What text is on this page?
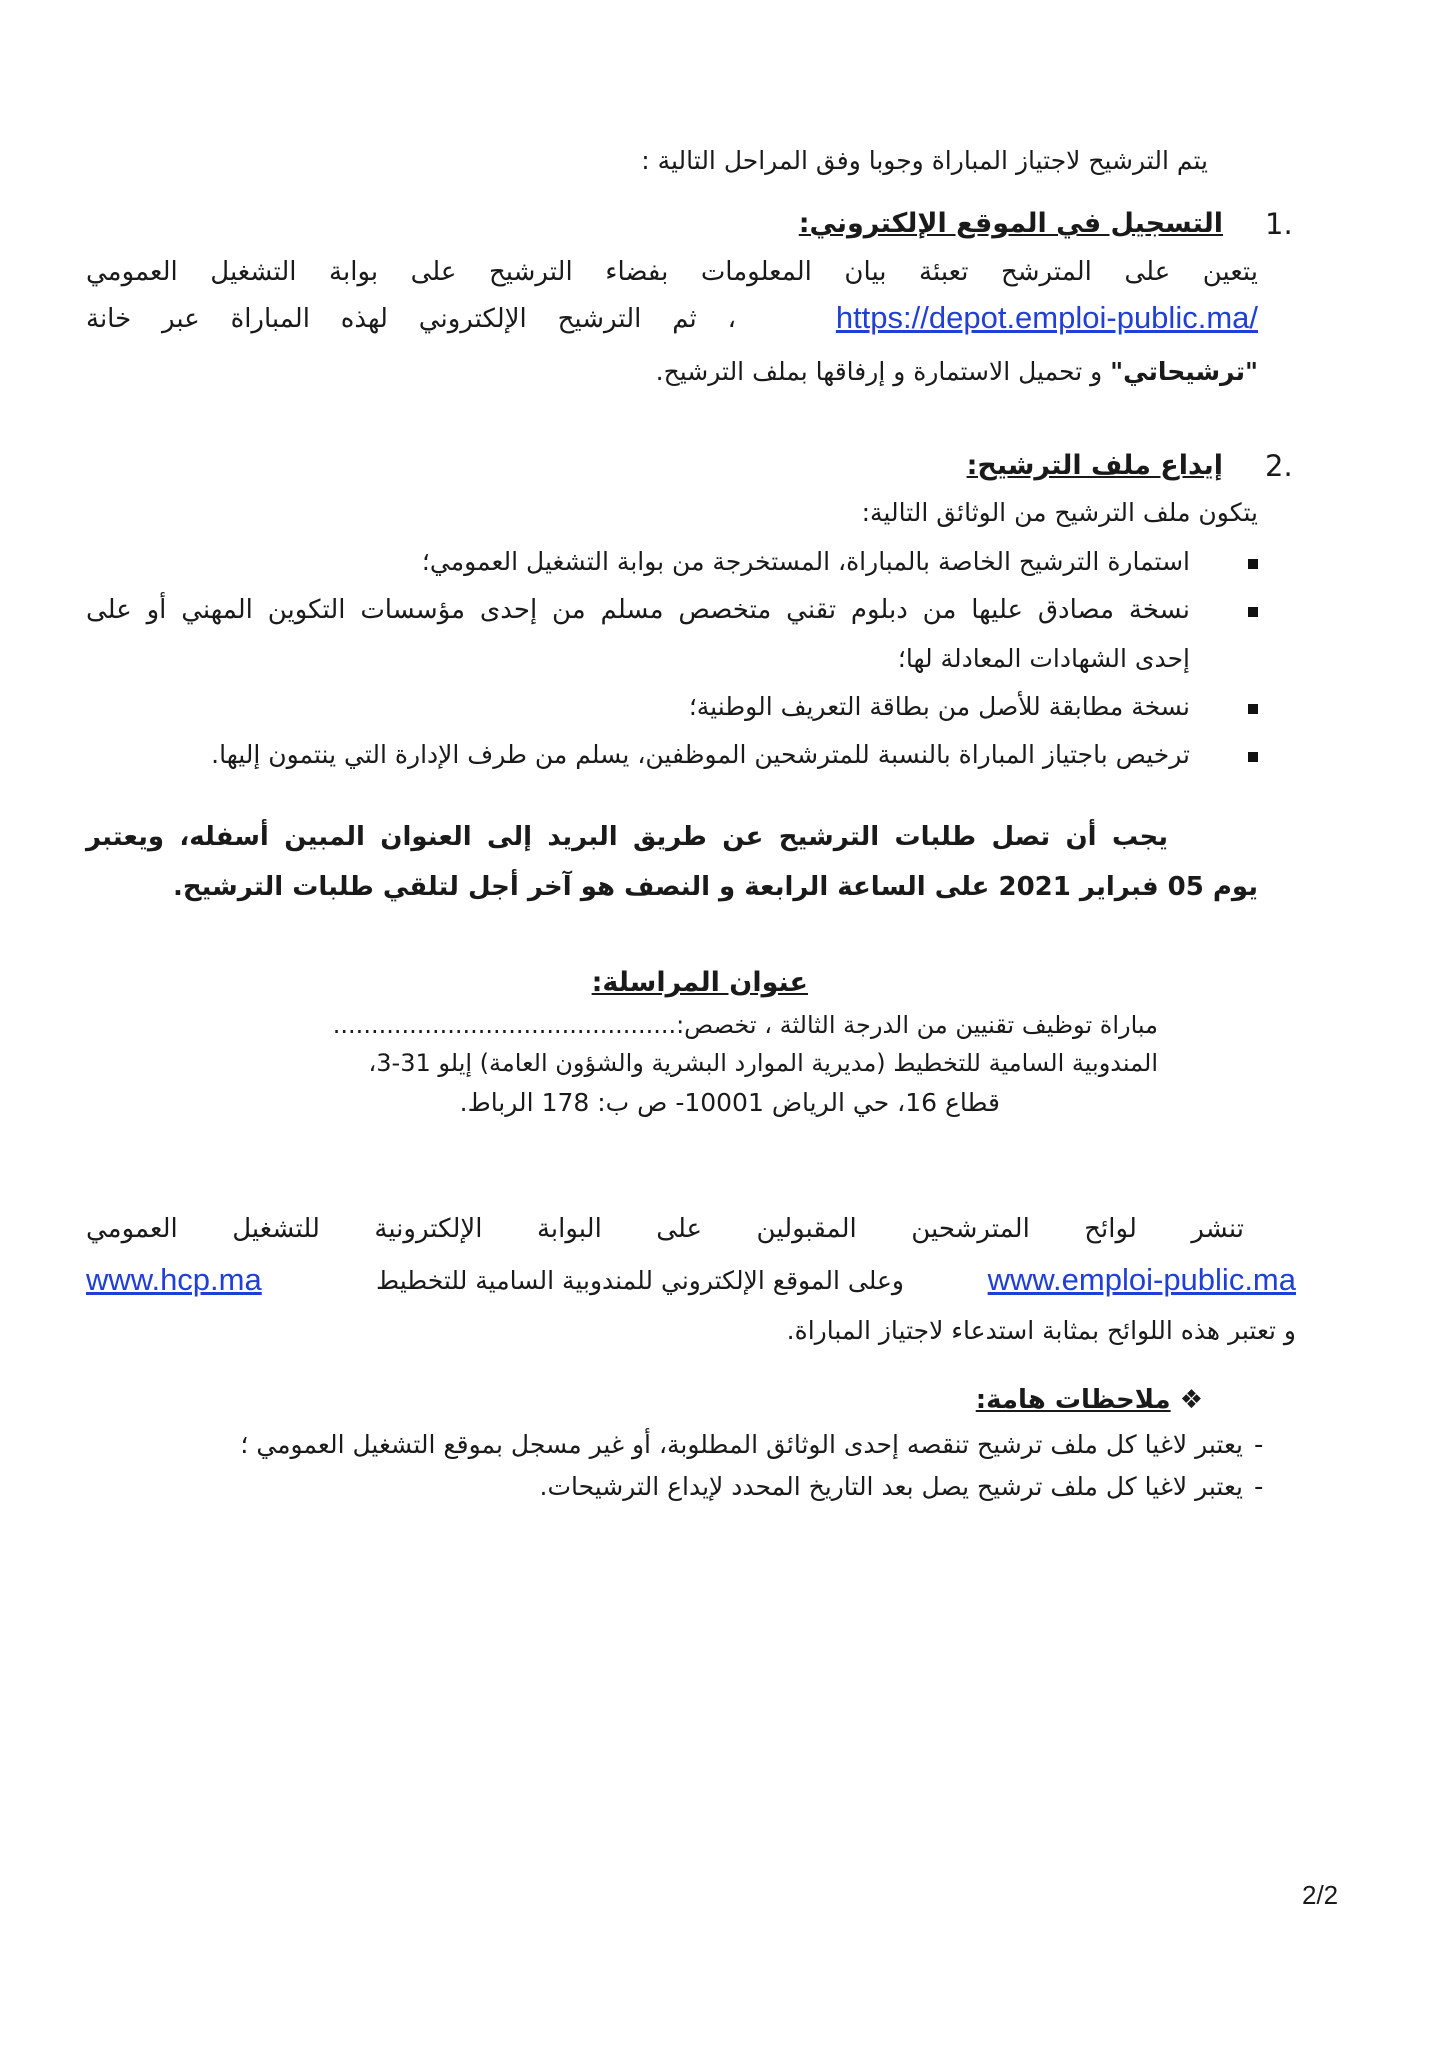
يتم الترشيح لاجتياز المباراة وجوبا وفق المراحل التالية :
1.
التسجيل في الموقع الإلكتروني:
يتعين على المترشح تعبئة بيان المعلومات بفضاء الترشيح على بوابة التشغيل العمومي
https://depot.emploi-public.ma/
، ثم الترشيح الإلكتروني لهذه المباراة عبر خانة
"ترشيحاتي" و تحميل الاستمارة و إرفاقها بملف الترشيح.
2.
إيداع ملف الترشيح:
يتكون ملف الترشيح من الوثائق التالية:
استمارة الترشيح الخاصة بالمباراة، المستخرجة من بوابة التشغيل العمومي؛
نسخة مصادق عليها من دبلوم تقني متخصص مسلم من إحدى مؤسسات التكوين المهني أو على
إحدى الشهادات المعادلة لها؛
نسخة مطابقة للأصل من بطاقة التعريف الوطنية؛
ترخيص باجتياز المباراة بالنسبة للمترشحين الموظفين، يسلم من طرف الإدارة التي ينتمون إليها.
يجب أن تصل طلبات الترشيح عن طريق البريد إلى العنوان المبين أسفله، ويعتبر
يوم 05 فبراير 2021 على الساعة الرابعة و النصف هو آخر أجل لتلقي طلبات الترشيح.
عنوان المراسلة:
مباراة توظيف تقنيين من الدرجة الثالثة ، تخصص:.............................................
المندوبية السامية للتخطيط (مديرية الموارد البشرية والشؤون العامة) إيلو 31-3،
قطاع 16، حي الرياض 10001- ص ب: 178 الرباط.
تنشر لوائح المترشحين المقبولين على البوابة الإلكترونية للتشغيل العمومي
www.emploi-public.ma
www.hcp.ma	وعلى الموقع الإلكتروني للمندوبية السامية للتخطيط
و تعتبر هذه اللوائح بمثابة استدعاء لاجتياز المباراة.
❖ ملاحظات هامة:
-
يعتبر لاغيا كل ملف ترشيح تنقصه إحدى الوثائق المطلوبة، أو غير مسجل بموقع التشغيل العمومي ؛
-
يعتبر لاغيا كل ملف ترشيح يصل بعد التاريخ المحدد لإيداع الترشيحات.
2/2
